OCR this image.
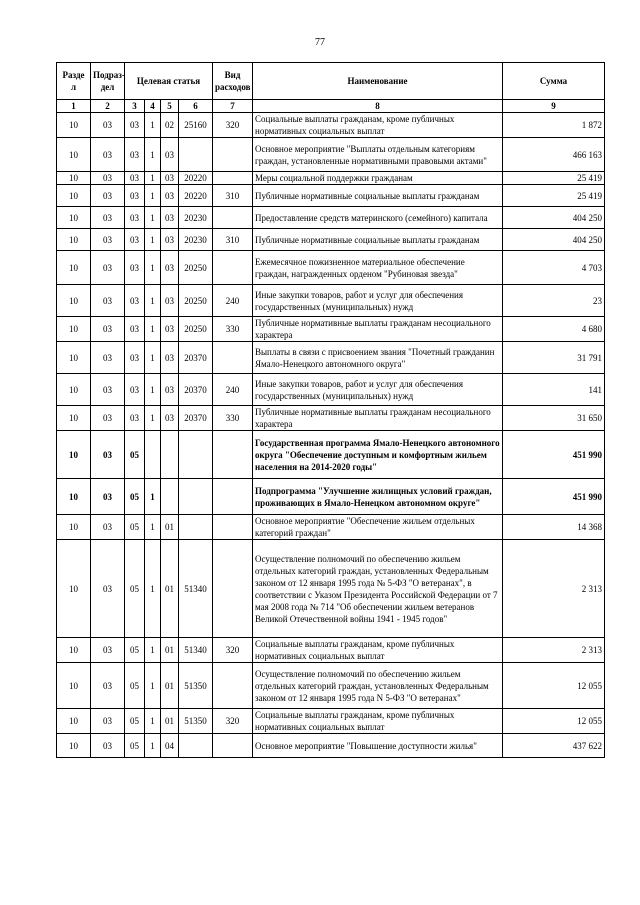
77
Разде л	Подраз- дел	Целевая статья				Вид расходов	Наименование	Сумма
1	2	3	4	5	6	7	8	9
10	03	03	1	02	25160	320	Социальные выплаты гражданам, кроме публичных нормативных социальных выплат	1 872
10	03	03	1	03			Основное мероприятие "Выплаты отдельным категориям граждан, установленные нормативными правовыми актами"	466 163
10	03	03	1	03	20220		Меры социальной поддержки гражданам	25 419
10	03	03	1	03	20220	310	Публичные нормативные социальные выплаты гражданам	25 419
10	03	03	1	03	20230		Предоставление средств материнского (семейного) капитала	404 250
10	03	03	1	03	20230	310	Публичные нормативные социальные выплаты гражданам	404 250
10	03	03	1	03	20250		Ежемесячное пожизненное материальное обеспечение граждан, награжденных орденом "Рубиновая звезда"	4 703
10	03	03	1	03	20250	240	Иные закупки товаров, работ и услуг для обеспечения государственных (муниципальных) нужд	23
10	03	03	1	03	20250	330	Публичные нормативные выплаты гражданам несоциального характера	4 680
10	03	03	1	03	20370		Выплаты в связи с присвоением звания "Почетный гражданин Ямало-Ненецкого автономного округа"	31 791
10	03	03	1	03	20370	240	Иные закупки товаров, работ и услуг для обеспечения государственных (муниципальных) нужд	141
10	03	03	1	03	20370	330	Публичные нормативные выплаты гражданам несоциального характера	31 650
10	03	05					Государственная программа Ямало-Ненецкого автономного округа "Обеспечение доступным и комфортным жильем населения на 2014-2020 годы"	451 990
10	03	05	1				Подпрограмма "Улучшение жилищных условий граждан, проживающих в Ямало-Ненецком автономном округе"	451 990
10	03	05	1	01			Основное мероприятие "Обеспечение жильем отдельных категорий граждан"	14 368
10	03	05	1	01	51340		Осуществление полномочий по обеспечению жильем отдельных категорий граждан, установленных Федеральным законом от 12 января 1995 года № 5-ФЗ "О ветеранах", в соответствии с Указом Президента Российской Федерации от 7 мая 2008 года № 714 "Об обеспечении жильем ветеранов Великой Отечественной войны 1941 - 1945 годов"	2 313
10	03	05	1	01	51340	320	Социальные выплаты гражданам, кроме публичных нормативных социальных выплат	2 313
10	03	05	1	01	51350		Осуществление полномочий по обеспечению жильем отдельных категорий граждан, установленных Федеральным законом от 12 января 1995 года N 5-ФЗ "О ветеранах"	12 055
10	03	05	1	01	51350	320	Социальные выплаты гражданам, кроме публичных нормативных социальных выплат	12 055
10	03	05	1	04			Основное мероприятие "Повышение доступности жилья"	437 622
